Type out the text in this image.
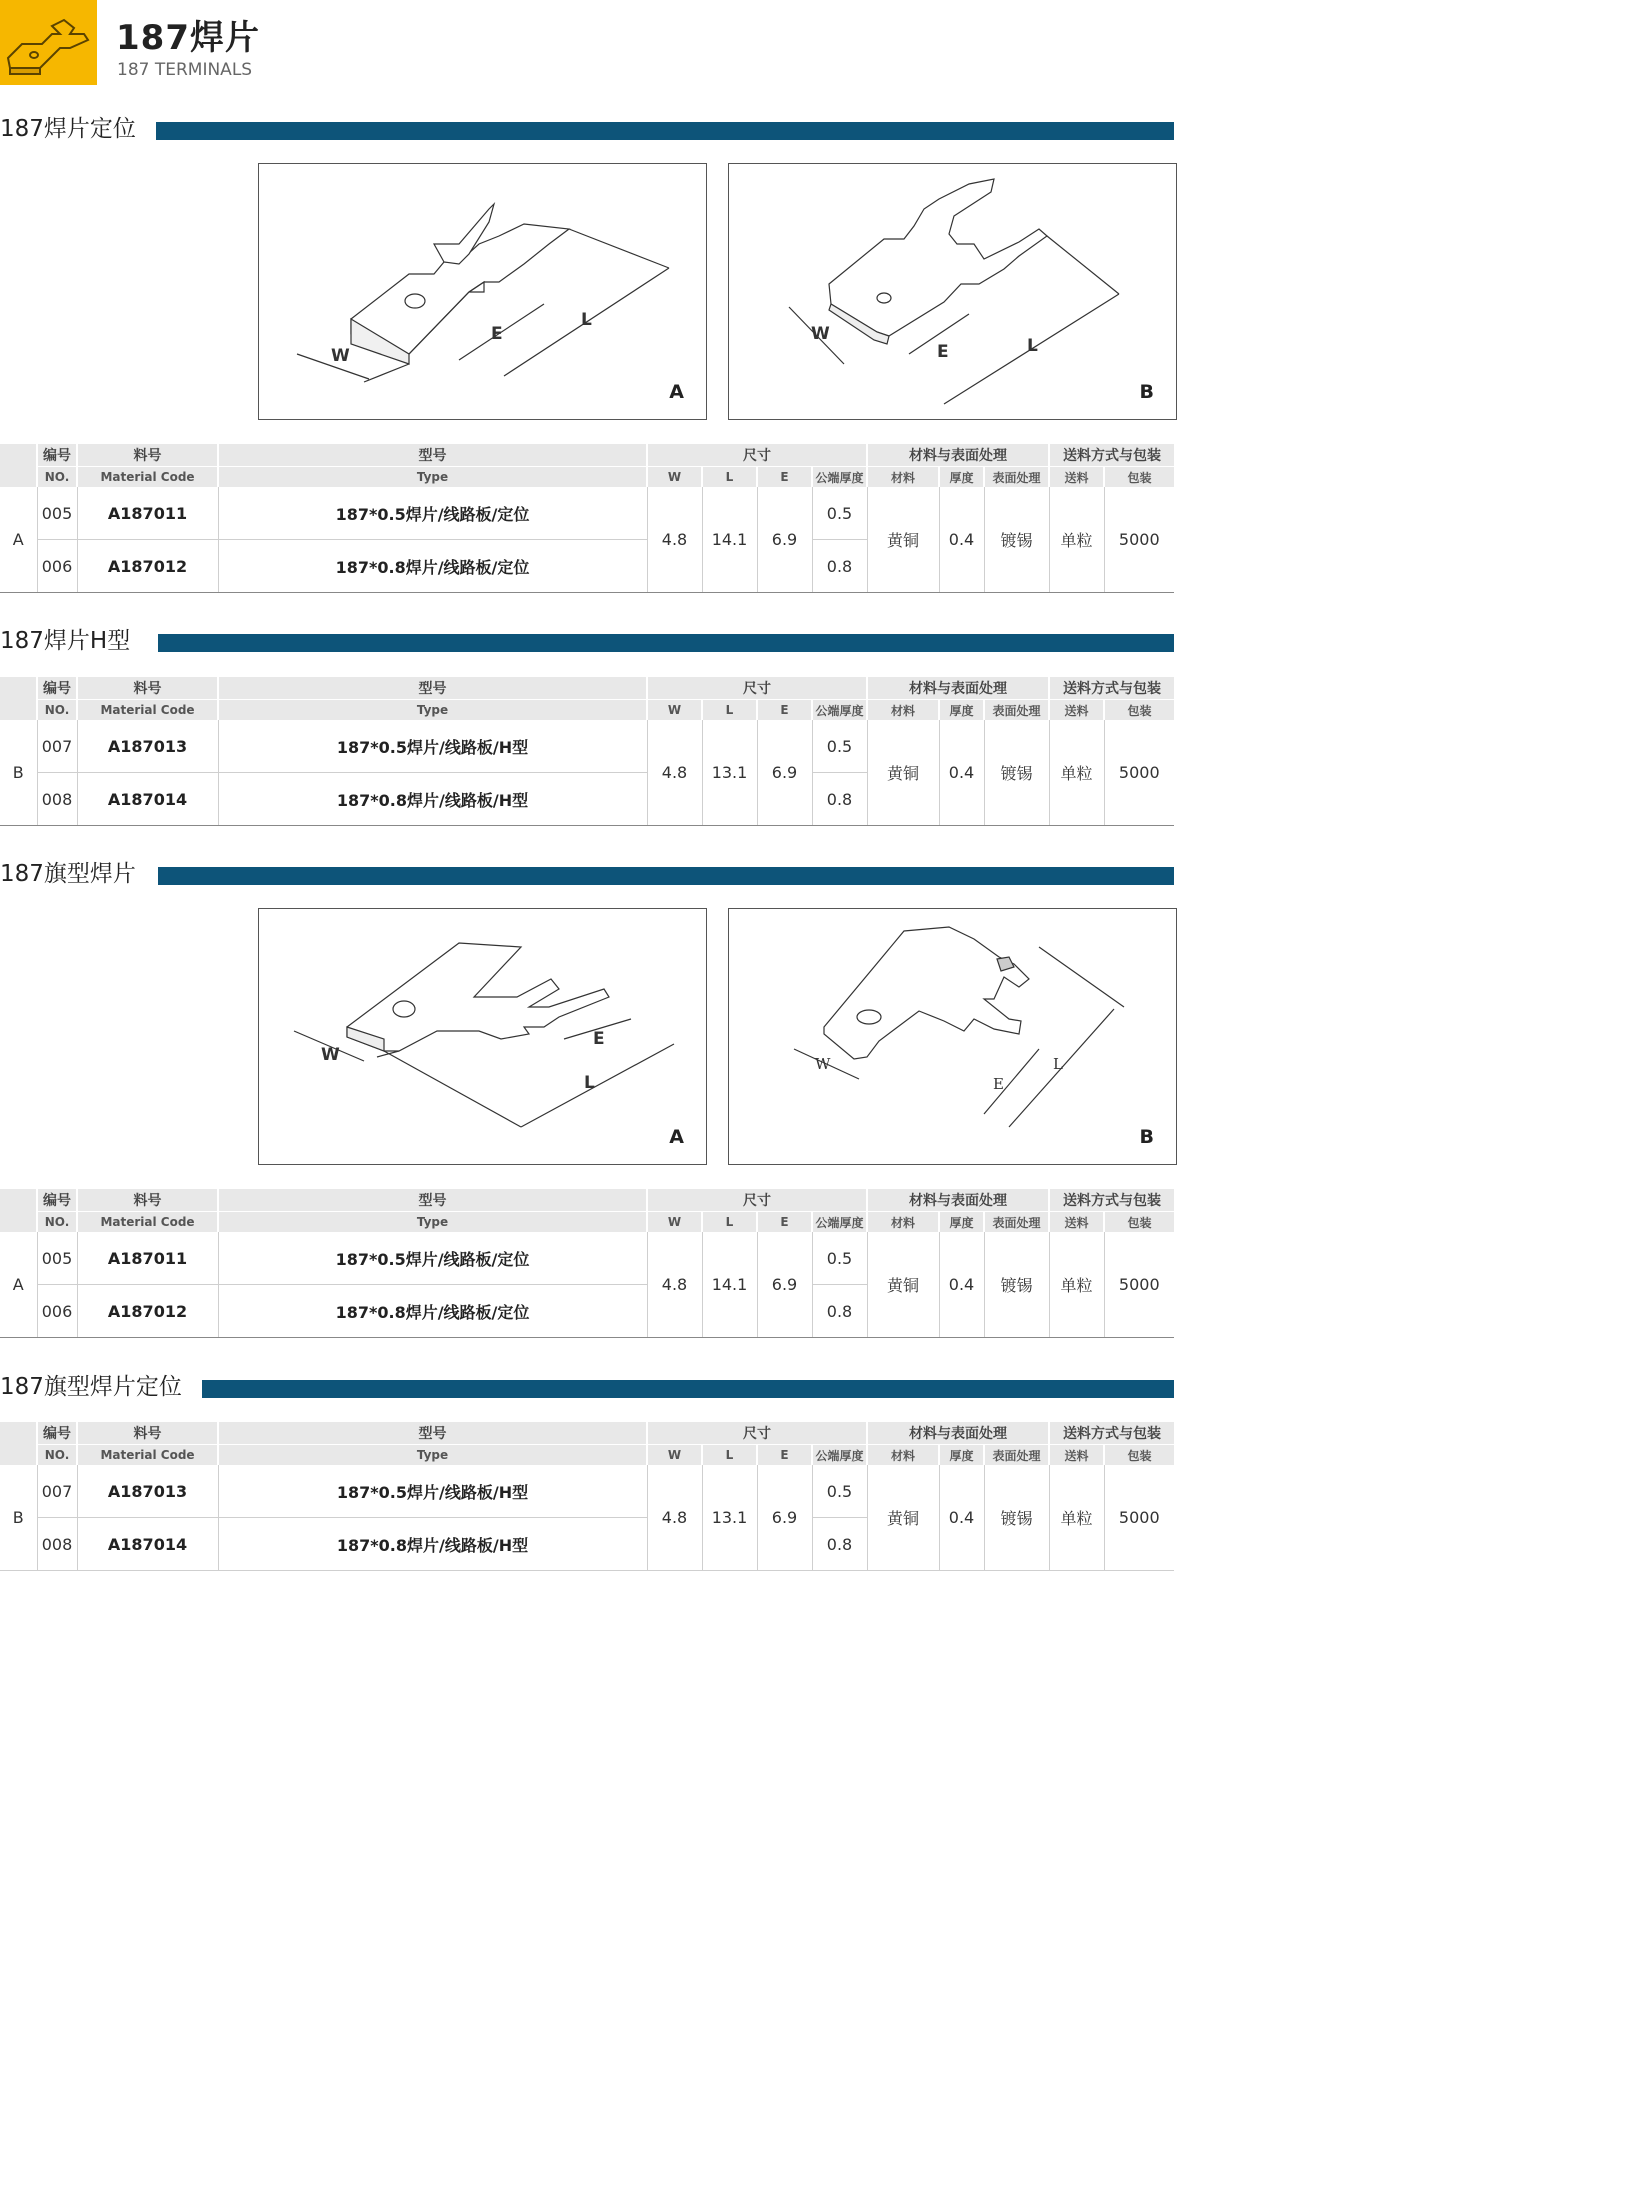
187焊片
187 TERMINALS
187焊片定位
W
E
L
A
W
E	L
B
	编号	料号	型号	尺寸				材料与表面处理			送料方式与包装	
	NO.	Material Code	Type	W	L	E	公端厚度	材料	厚度	表面处理	送料	包装
A	005	A187011	187*0.5焊片/线路板/定位	4.8	14.1	6.9	0.5	黄铜	0.4	镀锡	单粒	5000
	006	A187012	187*0.8焊片/线路板/定位				0.8					
187焊片H型
	编号	料号	型号	尺寸				材料与表面处理			送料方式与包装	
	NO.	Material Code	Type	W	L	E	公端厚度	材料	厚度	表面处理	送料	包装
B	007	A187013	187*0.5焊片/线路板/H型	4.8	13.1	6.9	0.5	黄铜	0.4	镀锡	单粒	5000
	008	A187014	187*0.8焊片/线路板/H型				0.8					
187旗型焊片
W
E
L
A
W
E
L
B
	编号	料号	型号	尺寸				材料与表面处理			送料方式与包装	
	NO.	Material Code	Type	W	L	E	公端厚度	材料	厚度	表面处理	送料	包装
A	005	A187011	187*0.5焊片/线路板/定位	4.8	14.1	6.9	0.5	黄铜	0.4	镀锡	单粒	5000
	006	A187012	187*0.8焊片/线路板/定位				0.8					
187旗型焊片定位
	编号	料号	型号	尺寸				材料与表面处理			送料方式与包装	
	NO.	Material Code	Type	W	L	E	公端厚度	材料	厚度	表面处理	送料	包装
B	007	A187013	187*0.5焊片/线路板/H型	4.8	13.1	6.9	0.5	黄铜	0.4	镀锡	单粒	5000
	008	A187014	187*0.8焊片/线路板/H型				0.8					
